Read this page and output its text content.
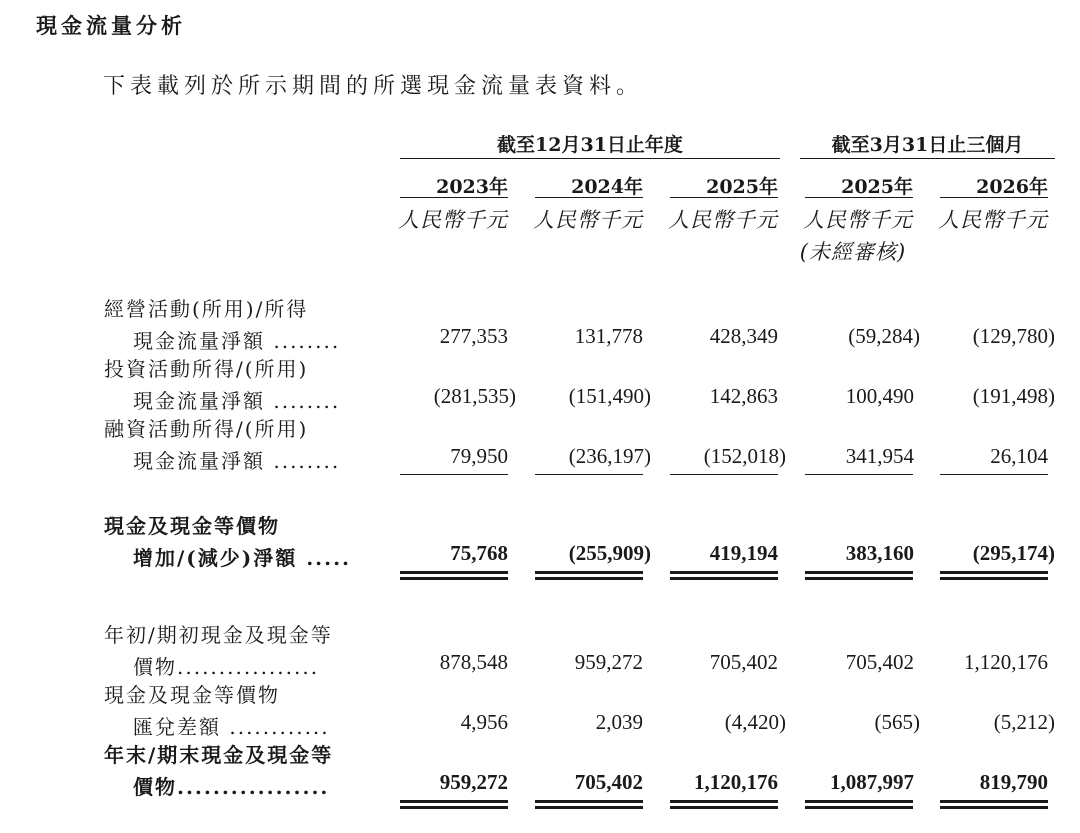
現金流量分析
下表載列於所示期間的所選現金流量表資料。
截至12月31日止年度	截至3月31日止三個月
2023年	2024年	2025年	2025年	2026年
人民幣千元	人民幣千元	人民幣千元	人民幣千元	人民幣千元
(未經審核)
經營活動(所用)/所得
現金流量淨額 ........	277,353	131,778	428,349	(59,284)	(129,780)
投資活動所得/(所用)
現金流量淨額 ........	(281,535)	(151,490)	142,863	100,490	(191,498)
融資活動所得/(所用)
現金流量淨額 ........	79,950	(236,197)	(152,018)	341,954	26,104
現金及現金等價物
增加/(減少)淨額 .....	75,768	(255,909)	419,194	383,160	(295,174)
年初/期初現金及現金等
價物.................	878,548	959,272	705,402	705,402	1,120,176
現金及現金等價物
匯兌差額 ............	4,956	2,039	(4,420)	(565)	(5,212)
年末/期末現金及現金等
價物.................	959,272	705,402	1,120,176	1,087,997	819,790
